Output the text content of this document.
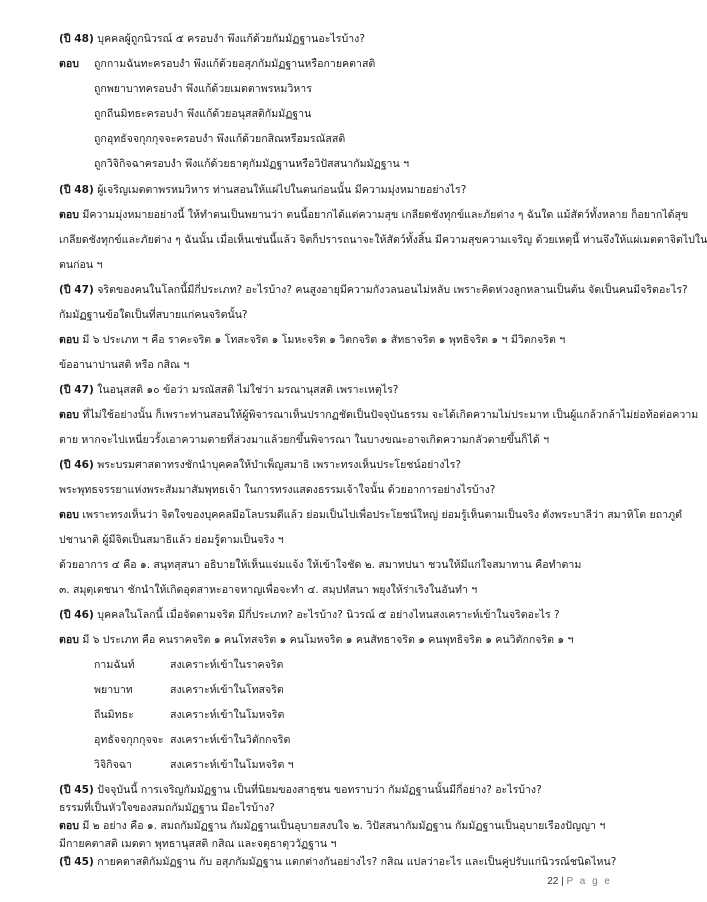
(ปี 48) บุคคลผู้ถูกนิวรณ์ ๕ ครอบงำ พึงแก้ด้วยกัมมัฏฐานอะไรบ้าง?
ตอบ ถูกกามฉันทะครอบงำ พึงแก้ด้วยอสุภกัมมัฏฐานหรือกายคตาสติ
ถูกพยาบาทครอบงำ พึงแก้ด้วยเมตตาพรหมวิหาร
ถูกถีนมิทธะครอบงำ พึงแก้ด้วยอนุสสติกัมมัฏฐาน
ถูกอุทธัจจกุกกุจจะครอบงำ พึงแก้ด้วยกสิณหรือมรณัสสติ
ถูกวิจิกิจฉาครอบงำ พึงแก้ด้วยธาตุกัมมัฏฐานหรือวิปัสสนากัมมัฏฐาน ฯ
(ปี 48) ผู้เจริญเมตตาพรหมวิหาร ท่านสอนให้แผ่ไปในตนก่อนนั้น มีความมุ่งหมายอย่างไร?
ตอบ มีความมุ่งหมายอย่างนี้ ให้ทำตนเป็นพยานว่า ตนนี้อยากได้แต่ความสุข เกลียดชังทุกข์และภัยต่าง ๆ ฉันใด แม้สัตว์ทั้งหลาย ก็อยากได้สุข
เกลียดชังทุกข์และภัยต่าง ๆ ฉันนั้น เมื่อเห็นเช่นนี้แล้ว จิตก็ปรารถนาจะให้สัตว์ทั้งสิ้น มีความสุขความเจริญ ด้วยเหตุนี้ ท่านจึงให้แผ่เมตตาจิตไปใน
ตนก่อน ฯ
(ปี 47) จริตของคนในโลกนี้มีกี่ประเภท? อะไรบ้าง? คนสูงอายุมีความกังวลนอนไม่หลับ เพราะคิดห่วงลูกหลานเป็นต้น จัดเป็นคนมีจริตอะไร?
กัมมัฏฐานข้อใดเป็นที่สบายแก่คนจริตนั้น?
ตอบ มี ๖ ประเภท ฯ คือ ราคะจริต ๑ โทสะจริต ๑ โมหะจริต ๑ วิตกจริต ๑ สัทธาจริต ๑ พุทธิจริต ๑ ฯ มีวิตกจริต ฯ
ข้ออานาปานสติ หรือ กสิณ ฯ
(ปี 47) ในอนุสสติ ๑๐ ข้อว่า มรณัสสติ ไม่ใช่ว่า มรณานุสสติ เพราะเหตุไร?
ตอบ ที่ไม่ใช้อย่างนั้น ก็เพราะท่านสอนให้ผู้พิจารณาเห็นปรากฏชัดเป็นปัจจุบันธรรม จะได้เกิดความไม่ประมาท เป็นผู้แกล้วกล้าไม่ย่อท้อต่อความ
ตาย หากจะไปเหนี่ยวรั้งเอาความตายที่ล่วงมาแล้วยกขึ้นพิจารณา ในบางขณะอาจเกิดความกลัวตายขึ้นก็ได้ ฯ
(ปี 46) พระบรมศาสดาทรงชักนำบุคคลให้บำเพ็ญสมาธิ เพราะทรงเห็นประโยชน์อย่างไร?
พระพุทธจรรยาแห่งพระสัมมาสัมพุทธเจ้า ในการทรงแสดงธรรมเจ้าใจนั้น ด้วยอาการอย่างไรบ้าง?
ตอบ เพราะทรงเห็นว่า จิตใจของบุคคลมีอโลบรมดีแล้ว ย่อมเป็นไปเพื่อประโยชน์ใหญ่ ย่อมรู้เห็นตามเป็นจริง ดังพระบาลีว่า สมาหิโต ยถาภูตํ
ปชานาติ ผู้มีจิตเป็นสมาธิแล้ว ย่อมรู้ตามเป็นจริง ฯ
ด้วยอาการ ๔ คือ ๑. สนฺทสฺสนา อธิบายให้เห็นแจ่มแจ้ง ให้เข้าใจชัด ๒. สมาทปนา ชวนให้มีแก่ใจสมาทาน คือทำตาม
๓. สมุตฺเตชนา ชักนำให้เกิดอุตสาหะอาจหาญเพื่อจะทำ ๔. สมฺปหํสนา พยุงให้ร่าเริงในอันทำ ฯ
(ปี 46) บุคคลในโลกนี้ เมื่อจัดตามจริต มีกี่ประเภท? อะไรบ้าง? นิวรณ์ ๕ อย่างไหนสงเคราะห์เข้าในจริตอะไร ?
ตอบ มี ๖ ประเภท คือ คนราคจริต ๑ คนโทสจริต ๑ คนโมหจริต ๑ คนสัทธาจริต ๑ คนพุทธิจริต ๑ คนวิตักกจริต ๑ ฯ
กามฉันท์	สงเคราะห์เข้าในราคจริต
พยาบาท	สงเคราะห์เข้าในโทสจริต
ถีนมิทธะ	สงเคราะห์เข้าในโมหจริต
อุทธัจจกุกกุจจะ สงเคราะห์เข้าในวิตักกจริต
วิจิกิจฉา	สงเคราะห์เข้าในโมหจริต ฯ
(ปี 45) ปัจจุบันนี้ การเจริญกัมมัฏฐาน เป็นที่นิยมของสาธุชน ขอทราบว่า กัมมัฏฐานนั้นมีกี่อย่าง? อะไรบ้าง?
ธรรมที่เป็นหัวใจของสมถกัมมัฏฐาน มีอะไรบ้าง?
ตอบ มี ๒ อย่าง คือ ๑. สมถกัมมัฏฐาน กัมมัฏฐานเป็นอุบายสงบใจ ๒. วิปัสสนากัมมัฏฐาน กัมมัฏฐานเป็นอุบายเรืองปัญญา ฯ
มีกายคตาสติ เมตตา พุทธานุสสติ กสิณ และจตุธาตุววัฏฐาน ฯ
(ปี 45) กายคตาสติกัมมัฏฐาน กับ อสุภกัมมัฏฐาน แตกต่างกันอย่างไร? กสิณ แปลว่าอะไร และเป็นคู่ปรับแก่นิวรณ์ชนิดไหน?
22 | P a g e
